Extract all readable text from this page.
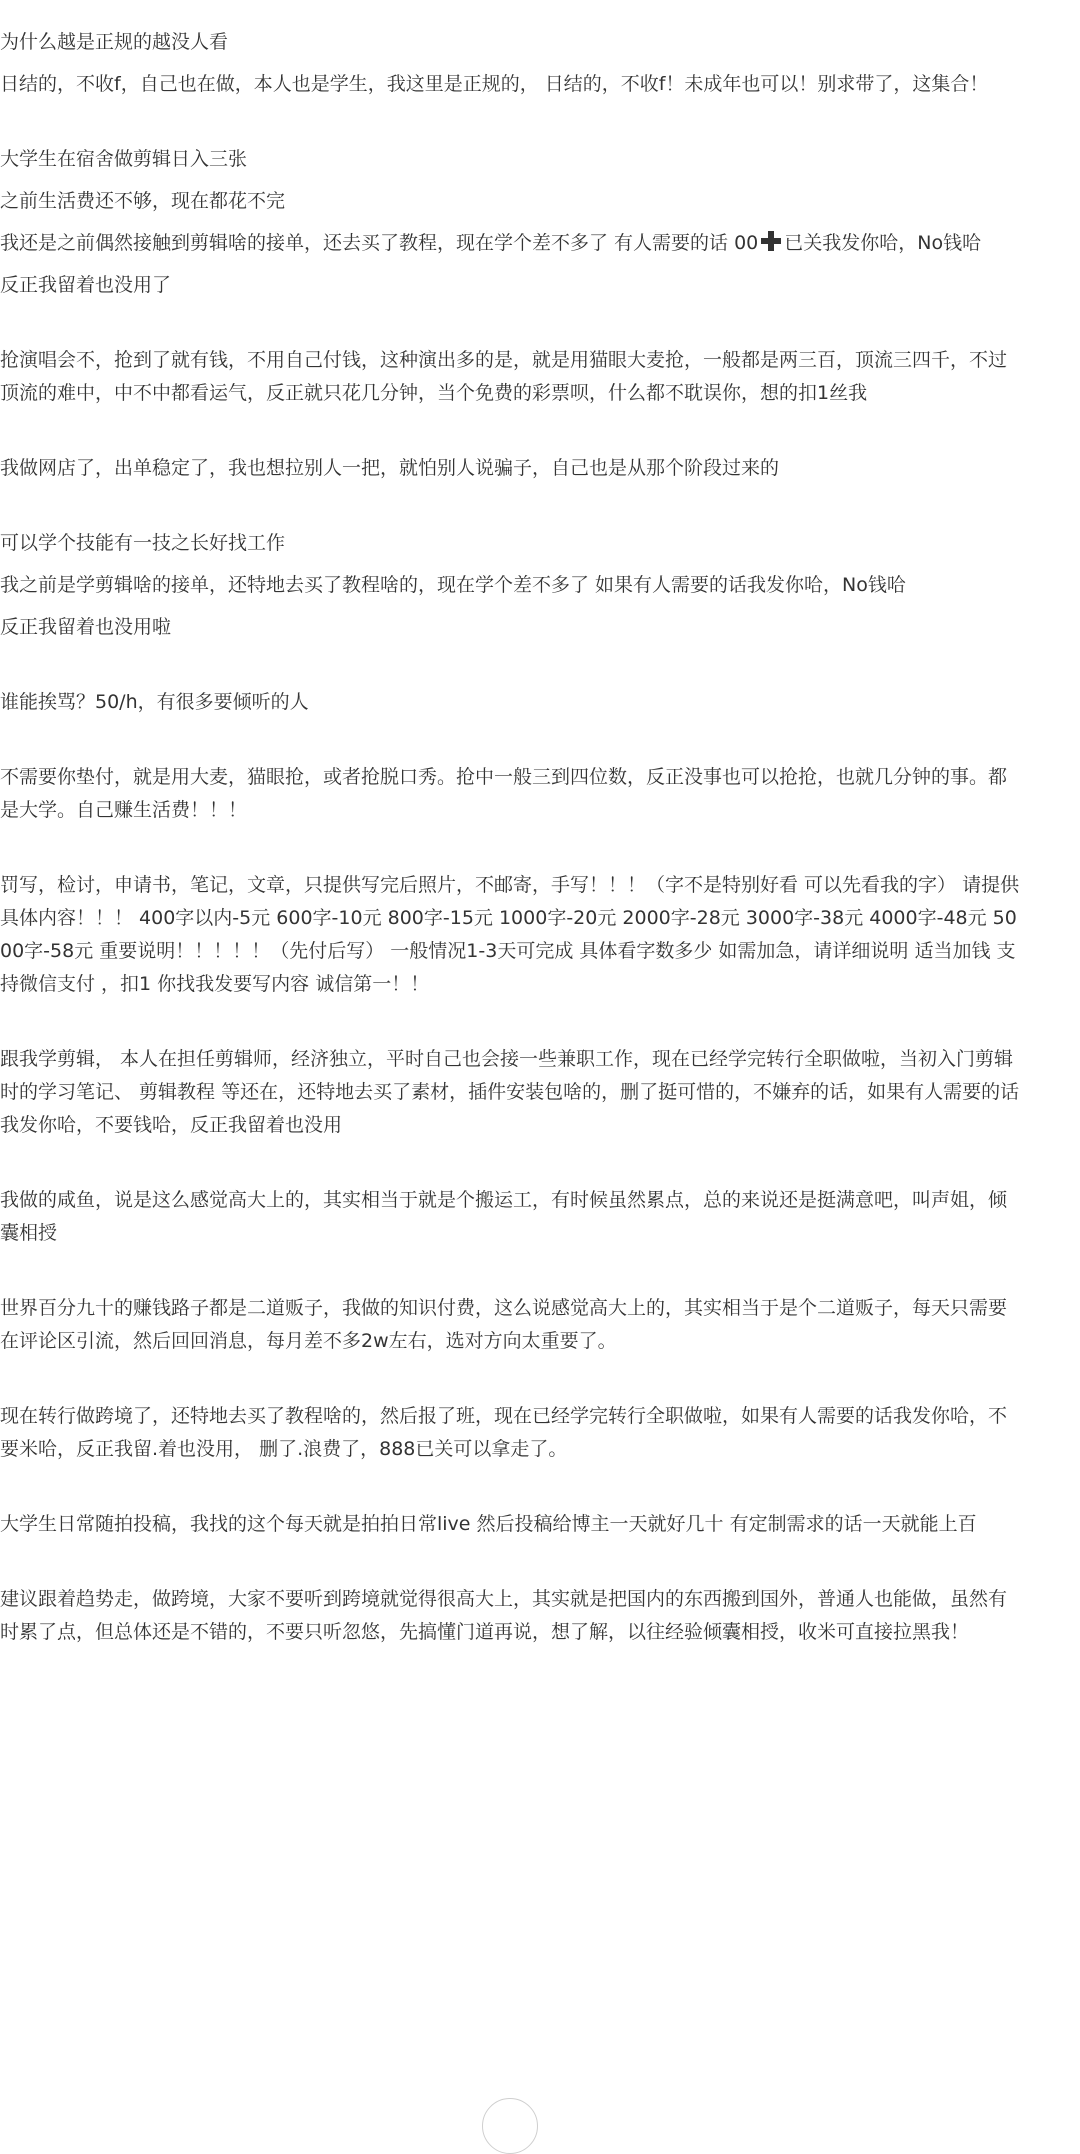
为什么越是正规的越没人看

日结的，不收f，自己也在做，本人也是学生，我这里是正规的， 日结的，不收f！未成年也可以！别求带了，这集合！

大学生在宿舍做剪辑日入三张

之前生活费还不够，现在都花不完

我还是之前偶然接触到剪辑啥的接单，还去买了教程，现在学个差不多了 有人需要的话 00 已关我发你哈，No钱哈

反正我留着也没用了

抢演唱会不，抢到了就有钱，不用自己付钱，这种演出多的是，就是用猫眼大麦抢，一般都是两三百，顶流三四千，不过顶流的难中，中不中都看运气，反正就只花几分钟，当个免费的彩票呗，什么都不耽误你，想的扣1丝我

我做网店了，出单稳定了，我也想拉别人一把，就怕别人说骗子，自己也是从那个阶段过来的

可以学个技能有一技之长好找工作

我之前是学剪辑啥的接单，还特地去买了教程啥的，现在学个差不多了 如果有人需要的话我发你哈，No钱哈

反正我留着也没用啦

谁能挨骂？50/h，有很多要倾听的人

不需要你垫付，就是用大麦，猫眼抢，或者抢脱口秀。抢中一般三到四位数，反正没事也可以抢抢，也就几分钟的事。都是大学。自己赚生活费！！！

罚写，检讨，申请书，笔记，文章，只提供写完后照片，不邮寄，手写！！！（字不是特别好看 可以先看我的字） 请提供具体内容！！！ 400字以内-5元 600字-10元 800字-15元 1000字-20元 2000字-28元 3000字-38元 4000字-48元 5000字-58元 重要说明！！！！！（先付后写） 一般情况1-3天可完成 具体看字数多少 如需加急，请详细说明 适当加钱 支持微信支付 ，扣1 你找我发要写内容 诚信第一！！

跟我学剪辑， 本人在担任剪辑师，经济独立，平时自己也会接一些兼职工作，现在已经学完转行全职做啦，当初入门剪辑时的学习笔记、 剪辑教程 等还在，还特地去买了素材，插件安装包啥的，删了挺可惜的，不嫌弃的话，如果有人需要的话我发你哈，不要钱哈，反正我留着也没用

我做的咸鱼，说是这么感觉高大上的，其实相当于就是个搬运工，有时候虽然累点，总的来说还是挺满意吧，叫声姐，倾囊相授

世界百分九十的赚钱路子都是二道贩子，我做的知识付费，这么说感觉高大上的，其实相当于是个二道贩子，每天只需要在评论区引流，然后回回消息，每月差不多2w左右，选对方向太重要了。

现在转行做跨境了，还特地去买了教程啥的，然后报了班，现在已经学完转行全职做啦，如果有人需要的话我发你哈，不要米哈，反正我留.着也没用， 删了.浪费了，888已关可以拿走了。

大学生日常随拍投稿，我找的这个每天就是拍拍日常live 然后投稿给博主一天就好几十 有定制需求的话一天就能上百

建议跟着趋势走，做跨境，大家不要听到跨境就觉得很高大上，其实就是把国内的东西搬到国外，普通人也能做，虽然有时累了点，但总体还是不错的，不要只听忽悠，先搞懂门道再说，想了解，以往经验倾囊相授，收米可直接拉黑我！
